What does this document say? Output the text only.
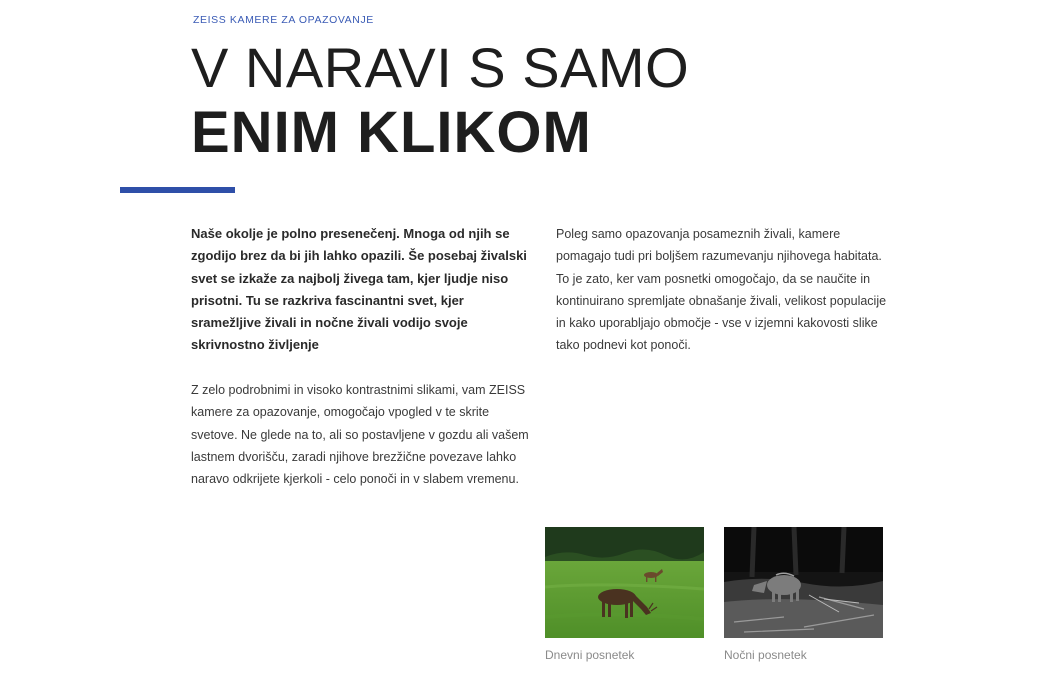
ZEISS KAMERE ZA OPAZOVANJE
V NARAVI S SAMO
ENIM KLIKOM

Naše okolje je polno presenečenj. Mnoga od njih se zgodijo brez da bi jih lahko opazili. Še posebaj živalski svet se izkaže za najbolj živega tam, kjer ljudje niso prisotni. Tu se razkriva fascinantni svet, kjer sramežljive živali in nočne živali vodijo svoje skrivnostno življenje

Z zelo podrobnimi in visoko kontrastnimi slikami, vam ZEISS kamere za opazovanje, omogočajo vpogled v te skrite svetove. Ne glede na to, ali so postavljene v gozdu ali vašem lastnem dvorišču, zaradi njihove brezžične povezave lahko naravo odkrijete kjerkoli - celo ponoči in v slabem vremenu.

Poleg samo opazovanja posameznih živali, kamere pomagajo tudi pri boljšem razumevanju njihovega habitata. To je zato, ker vam posnetki omogočajo, da se naučite in kontinuirano spremljate obnašanje živali, velikost populacije in kako uporabljajo območje - vse v izjemni kakovosti slike tako podnevi kot ponoči.

Dnevni posnetek	Nočni posnetek
